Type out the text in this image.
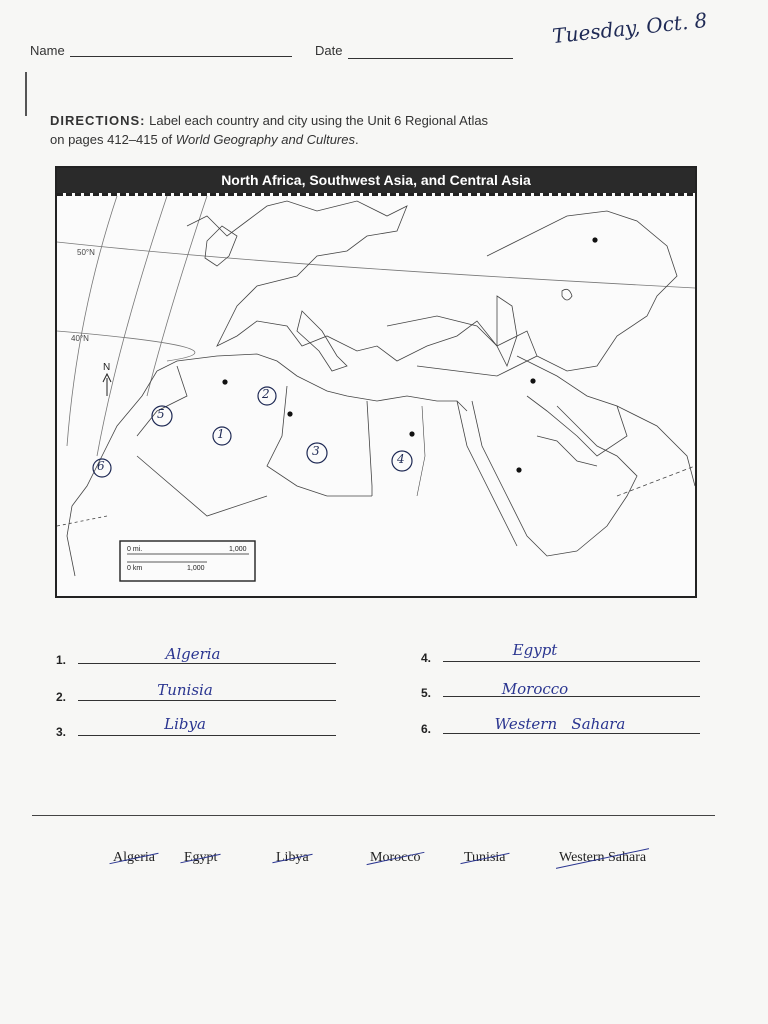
Name	Date
Tuesday, Oct. 8
DIRECTIONS: Label each country and city using the Unit 6 Regional Atlas
on pages 412–415 of World Geography and Cultures.
North Africa, Southwest Asia, and Central Asia
50°N
40°N
N
0 mi.	1,000
0 km	1,000
1
2
3
4
5
6
1.	Algeria
2.	Tunisia
3.	Libya
4.	Egypt
5.	Morocco
6.	Western   Sahara
Algeria Egypt	Libya	Morocco	Tunisia	Western Sahara
